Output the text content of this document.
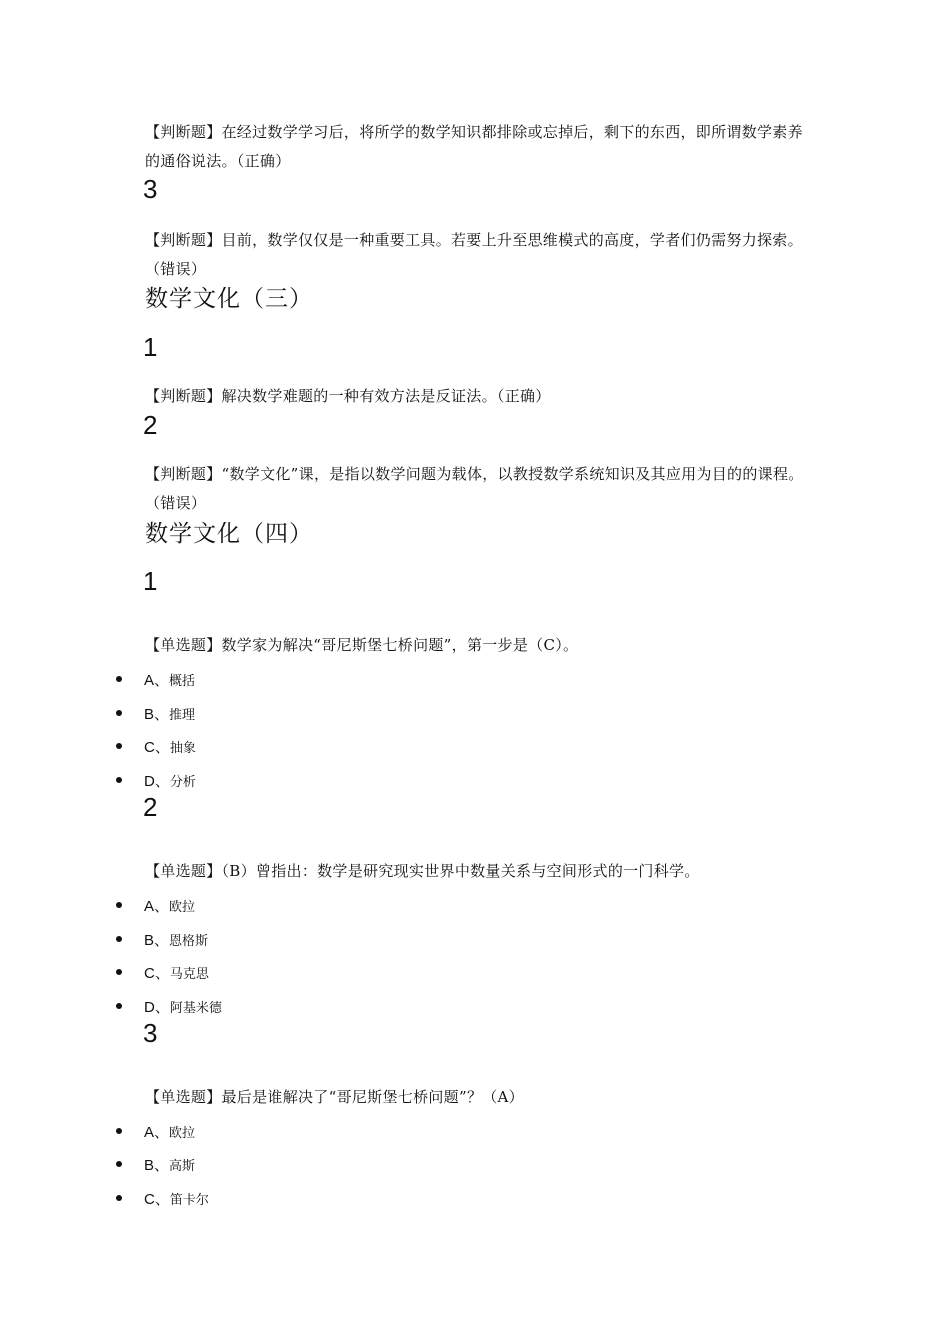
【判断题】在经过数学学习后，将所学的数学知识都排除或忘掉后，剩下的东西，即所谓数学素养的通俗说法。（正确）
3
【判断题】目前，数学仅仅是一种重要工具。若要上升至思维模式的高度，学者们仍需努力探索。（错误）
数学文化（三）
1
【判断题】解决数学难题的一种有效方法是反证法。（正确）
2
【判断题】“数学文化”课，是指以数学问题为载体，以教授数学系统知识及其应用为目的的课程。（错误）
数学文化（四）
1
【单选题】数学家为解决“哥尼斯堡七桥问题”，第一步是（C）。
A、概括
B、推理
C、抽象
D、分析
2
【单选题】（B）曾指出：数学是研究现实世界中数量关系与空间形式的一门科学。
A、欧拉
B、恩格斯
C、马克思
D、阿基米德
3
【单选题】最后是谁解决了“哥尼斯堡七桥问题”？（A）
A、欧拉
B、高斯
C、笛卡尔
